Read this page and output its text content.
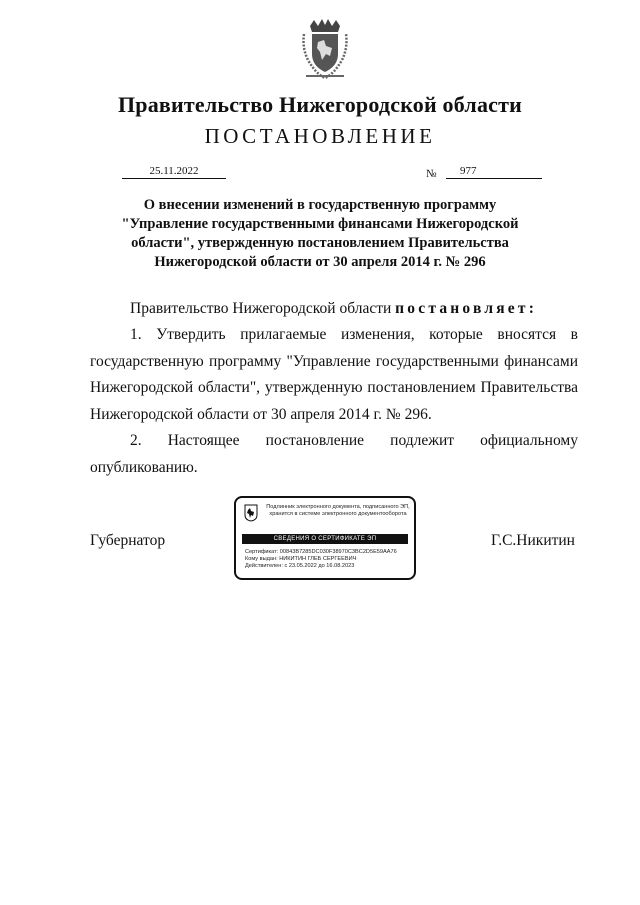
Правительство Нижегородской области
ПОСТАНОВЛЕНИЕ
25.11.2022	№	977
О внесении изменений в государственную программу
"Управление государственными финансами Нижегородской
области", утвержденную постановлением Правительства
Нижегородской области от 30 апреля 2014 г. № 296
Правительство Нижегородской области постановляет:
1. Утвердить прилагаемые изменения, которые вносятся в
государственную программу "Управление государственными финансами
Нижегородской области", утвержденную постановлением Правительства
Нижегородской области от 30 апреля 2014 г. № 296.
2. Настоящее постановление подлежит официальному
опубликованию.
Губернатор	Г.С.Никитин
Подлинник электронного документа, подписанного ЭП,
хранится в системе электронного документооборота
СВЕДЕНИЯ О СЕРТИФИКАТЕ ЭП
Сертификат: 00843B7285DC030F38970C3BC2D5E59AA76
Кому выдан: НИКИТИН ГЛЕБ СЕРГЕЕВИЧ
Действителен: с 23.05.2022 до 16.08.2023
